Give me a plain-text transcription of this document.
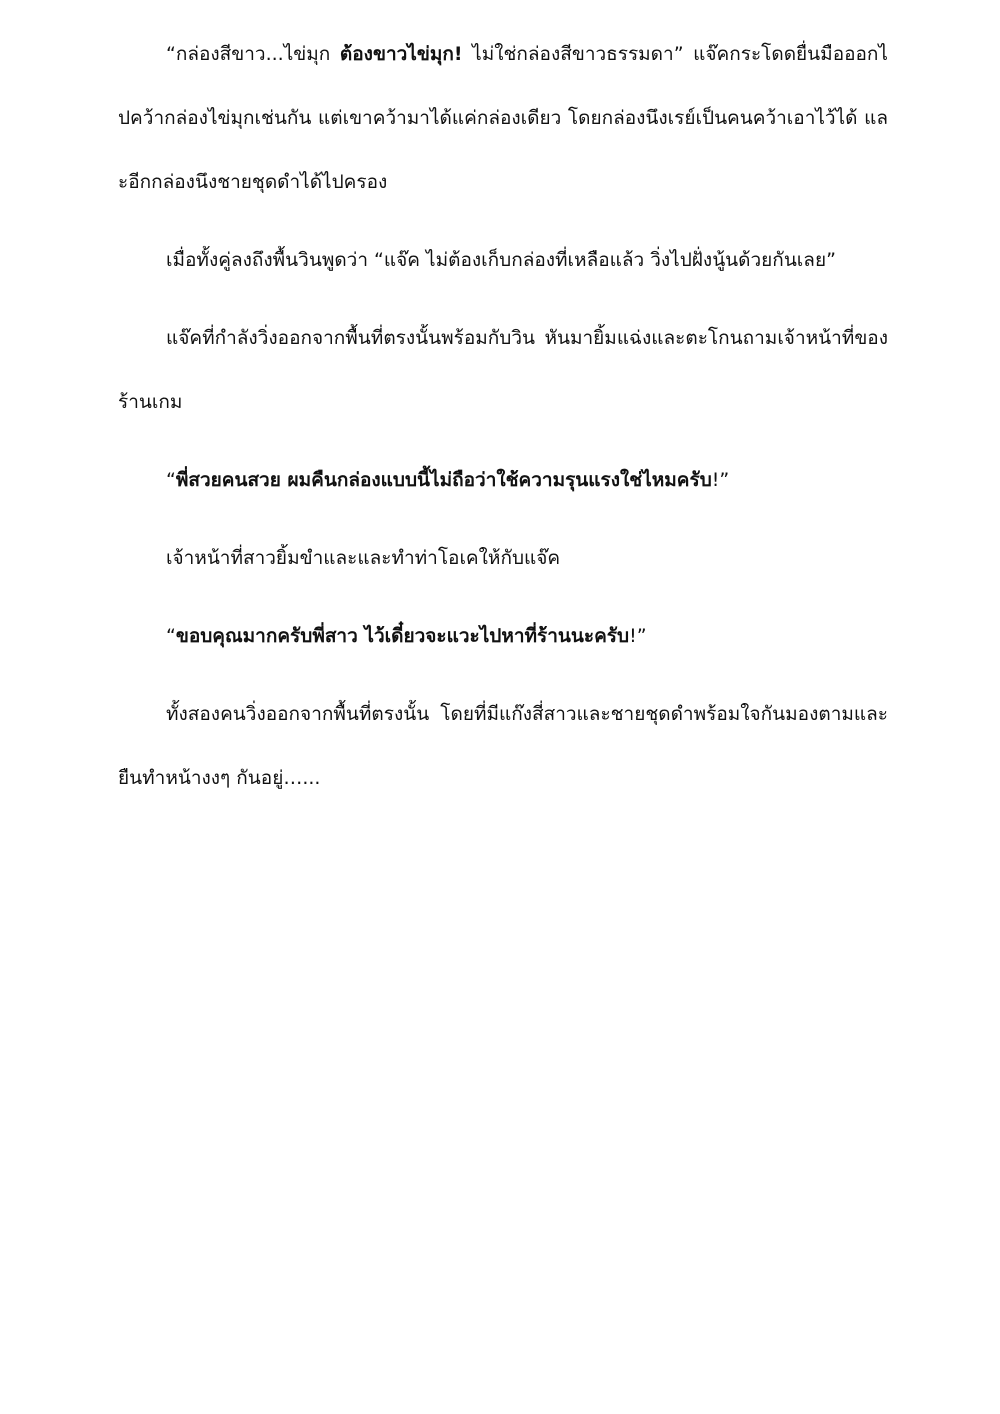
“กล่องสีขาว...ไข่มุก ต้องขาวไข่มุก! ไม่ใช่กล่องสีขาวธรรมดา” แจ๊คกระโดดยื่นมือออกไปคว้ากล่องไข่มุกเช่นกัน แต่เขาคว้ามาได้แค่กล่องเดียว โดยกล่องนึงเรย์เป็นคนคว้าเอาไว้ได้ และอีกกล่องนึงชายชุดดำได้ไปครอง

เมื่อทั้งคู่ลงถึงพื้นวินพูดว่า “แจ๊ค ไม่ต้องเก็บกล่องที่เหลือแล้ว วิ่งไปฝั่งนู้นด้วยกันเลย”

แจ๊คที่กำลังวิ่งออกจากพื้นที่ตรงนั้นพร้อมกับวิน หันมายิ้มแฉ่งและตะโกนถามเจ้าหน้าที่ของร้านเกม

“พี่สวยคนสวย ผมคืนกล่องแบบนี้ไม่ถือว่าใช้ความรุนแรงใช่ไหมครับ!”

เจ้าหน้าที่สาวยิ้มขำและและทำท่าโอเคให้กับแจ๊ค

“ขอบคุณมากครับพี่สาว ไว้เดี๋ยวจะแวะไปหาที่ร้านนะครับ!”

ทั้งสองคนวิ่งออกจากพื้นที่ตรงนั้น โดยที่มีแก๊งสี่สาวและชายชุดดำพร้อมใจกันมองตามและยืนทำหน้างงๆ กันอยู่…...
